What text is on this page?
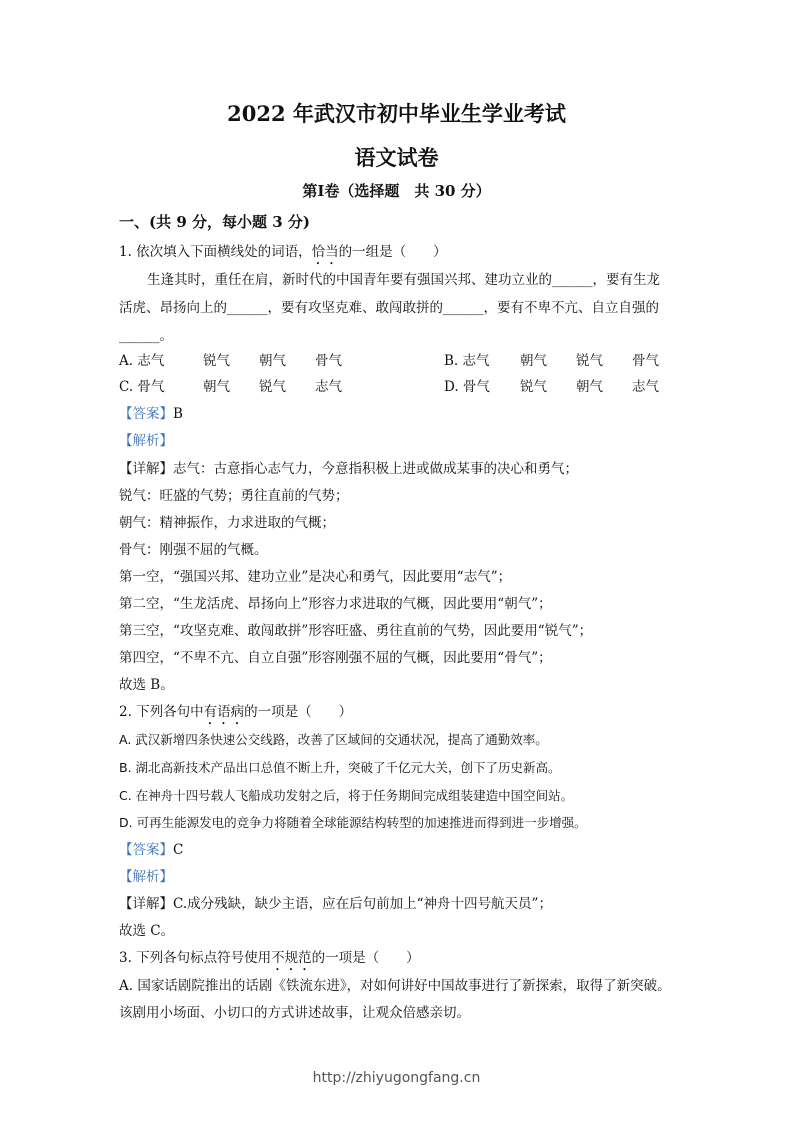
2022 年武汉市初中毕业生学业考试
语文试卷
第Ⅰ卷（选择题　共 30 分）
一、(共 9 分，每小题 3 分)
1. 依次填入下面横线处的词语，恰当的一组是（　　）
生逢其时，重任在肩，新时代的中国青年要有强国兴邦、建功立业的______，要有生龙
活虎、昂扬向上的______，要有攻坚克难、敢闯敢拼的______，要有不卑不亢、自立自强的
______。
A. 志气	锐气 朝气 骨气	B. 志气 朝气 锐气 骨气
C. 骨气	朝气 锐气 志气	D. 骨气 锐气 朝气 志气
【答案】B
【解析】
【详解】志气：古意指心志气力，今意指积极上进或做成某事的决心和勇气；
锐气：旺盛的气势；勇往直前的气势；
朝气：精神振作，力求进取的气概；
骨气：刚强不屈的气概。
第一空，“强国兴邦、建功立业”是决心和勇气，因此要用“志气”；
第二空，“生龙活虎、昂扬向上”形容力求进取的气概，因此要用“朝气”；
第三空，“攻坚克难、敢闯敢拼”形容旺盛、勇往直前的气势，因此要用“锐气”；
第四空，“不卑不亢、自立自强”形容刚强不屈的气概，因此要用“骨气”；
故选 B。
2. 下列各句中有语病的一项是（　　）
A. 武汉新增四条快速公交线路，改善了区域间的交通状况，提高了通勤效率。
B. 湖北高新技术产品出口总值不断上升，突破了千亿元大关，创下了历史新高。
C. 在神舟十四号载人飞船成功发射之后，将于任务期间完成组装建造中国空间站。
D. 可再生能源发电的竞争力将随着全球能源结构转型的加速推进而得到进一步增强。
【答案】C
【解析】
【详解】C.成分残缺，缺少主语，应在后句前加上“神舟十四号航天员”；
故选 C。
3. 下列各句标点符号使用不规范的一项是（　　）
A. 国家话剧院推出的话剧《铁流东进》，对如何讲好中国故事进行了新探索，取得了新突破。
该剧用小场面、小切口的方式讲述故事，让观众倍感亲切。
http://zhiyugongfang.cn
